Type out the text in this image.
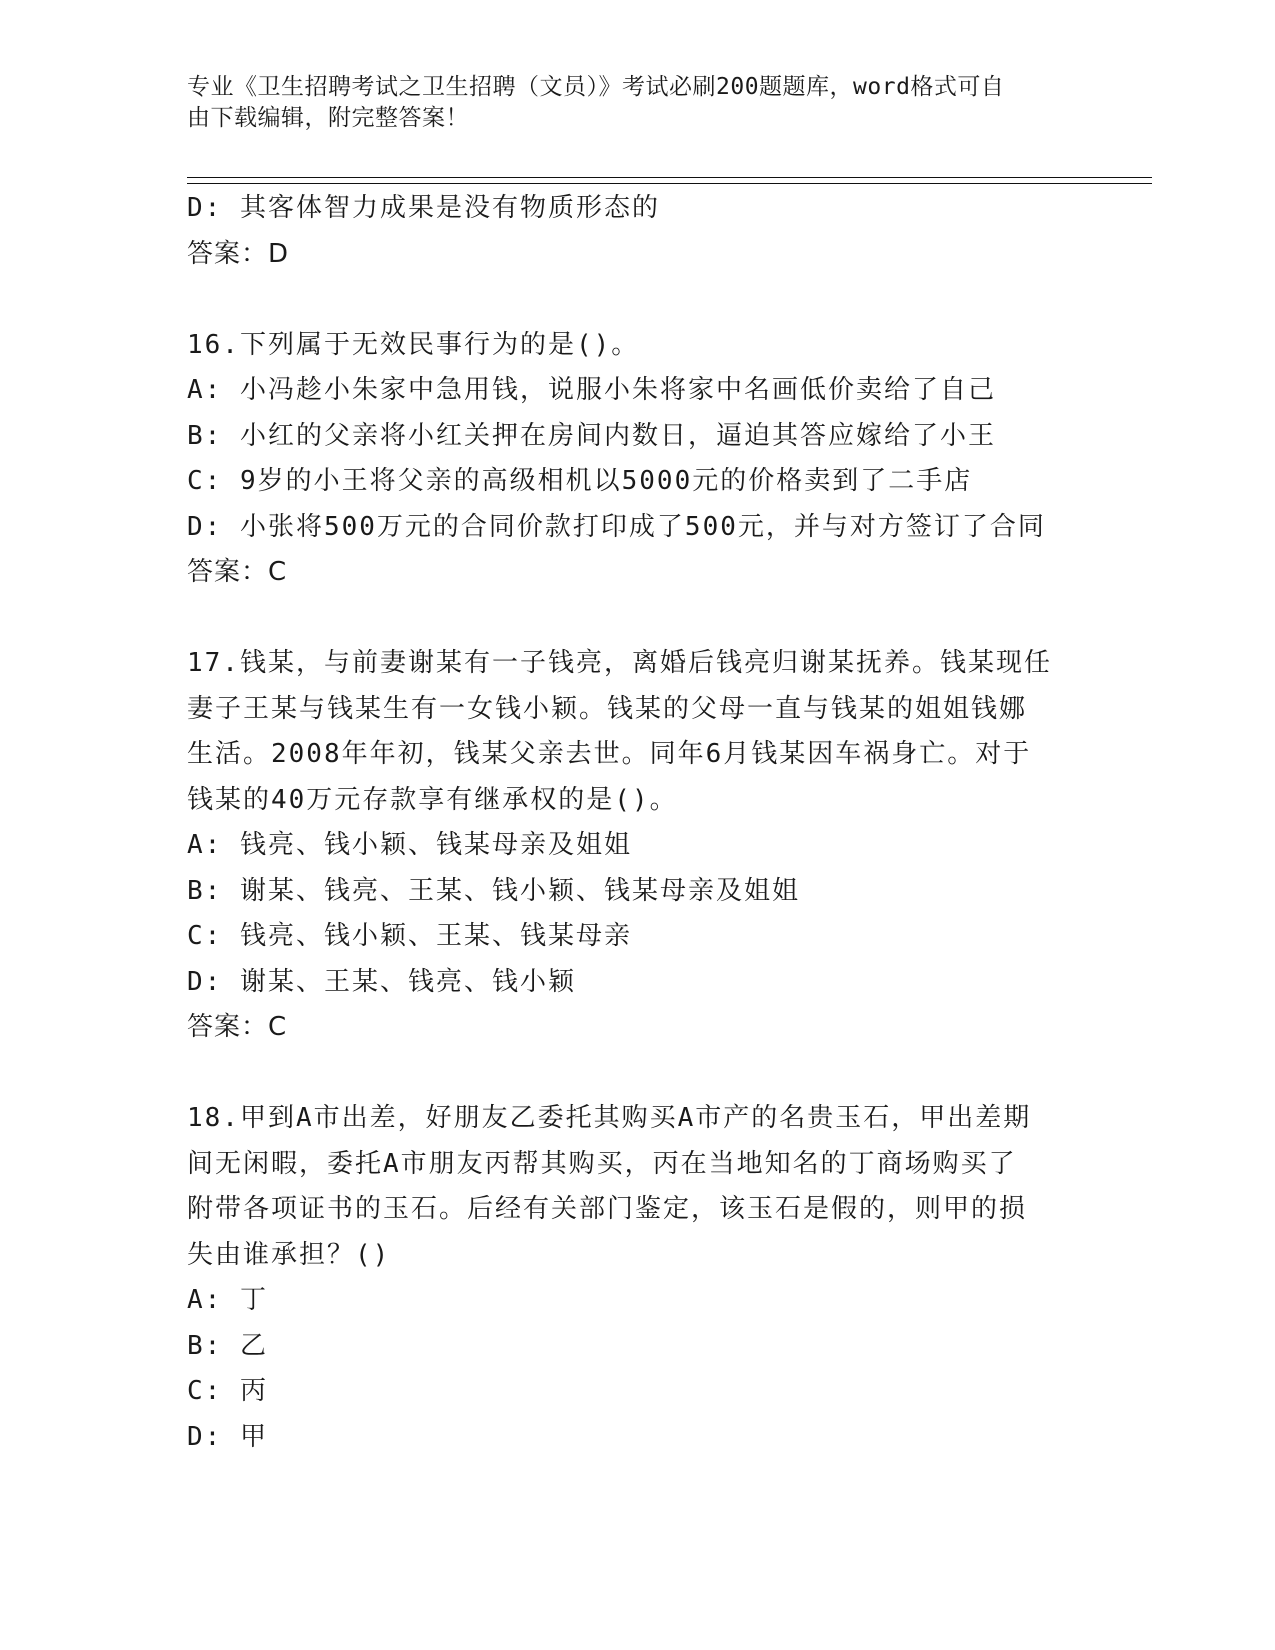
专业《卫生招聘考试之卫生招聘（文员）》考试必刷200题题库，word格式可自
由下载编辑，附完整答案！
D: 其客体智力成果是没有物质形态的
答案：D
16.下列属于无效民事行为的是()。
A: 小冯趁小朱家中急用钱，说服小朱将家中名画低价卖给了自己
B: 小红的父亲将小红关押在房间内数日，逼迫其答应嫁给了小王
C: 9岁的小王将父亲的高级相机以5000元的价格卖到了二手店
D: 小张将500万元的合同价款打印成了500元，并与对方签订了合同
答案：C
17.钱某，与前妻谢某有一子钱亮，离婚后钱亮归谢某抚养。钱某现任
妻子王某与钱某生有一女钱小颖。钱某的父母一直与钱某的姐姐钱娜
生活。2008年年初，钱某父亲去世。同年6月钱某因车祸身亡。对于
钱某的40万元存款享有继承权的是()。
A: 钱亮、钱小颖、钱某母亲及姐姐
B: 谢某、钱亮、王某、钱小颖、钱某母亲及姐姐
C: 钱亮、钱小颖、王某、钱某母亲
D: 谢某、王某、钱亮、钱小颖
答案：C
18.甲到A市出差，好朋友乙委托其购买A市产的名贵玉石，甲出差期
间无闲暇，委托A市朋友丙帮其购买，丙在当地知名的丁商场购买了
附带各项证书的玉石。后经有关部门鉴定，该玉石是假的，则甲的损
失由谁承担？()
A: 丁
B: 乙
C: 丙
D: 甲
